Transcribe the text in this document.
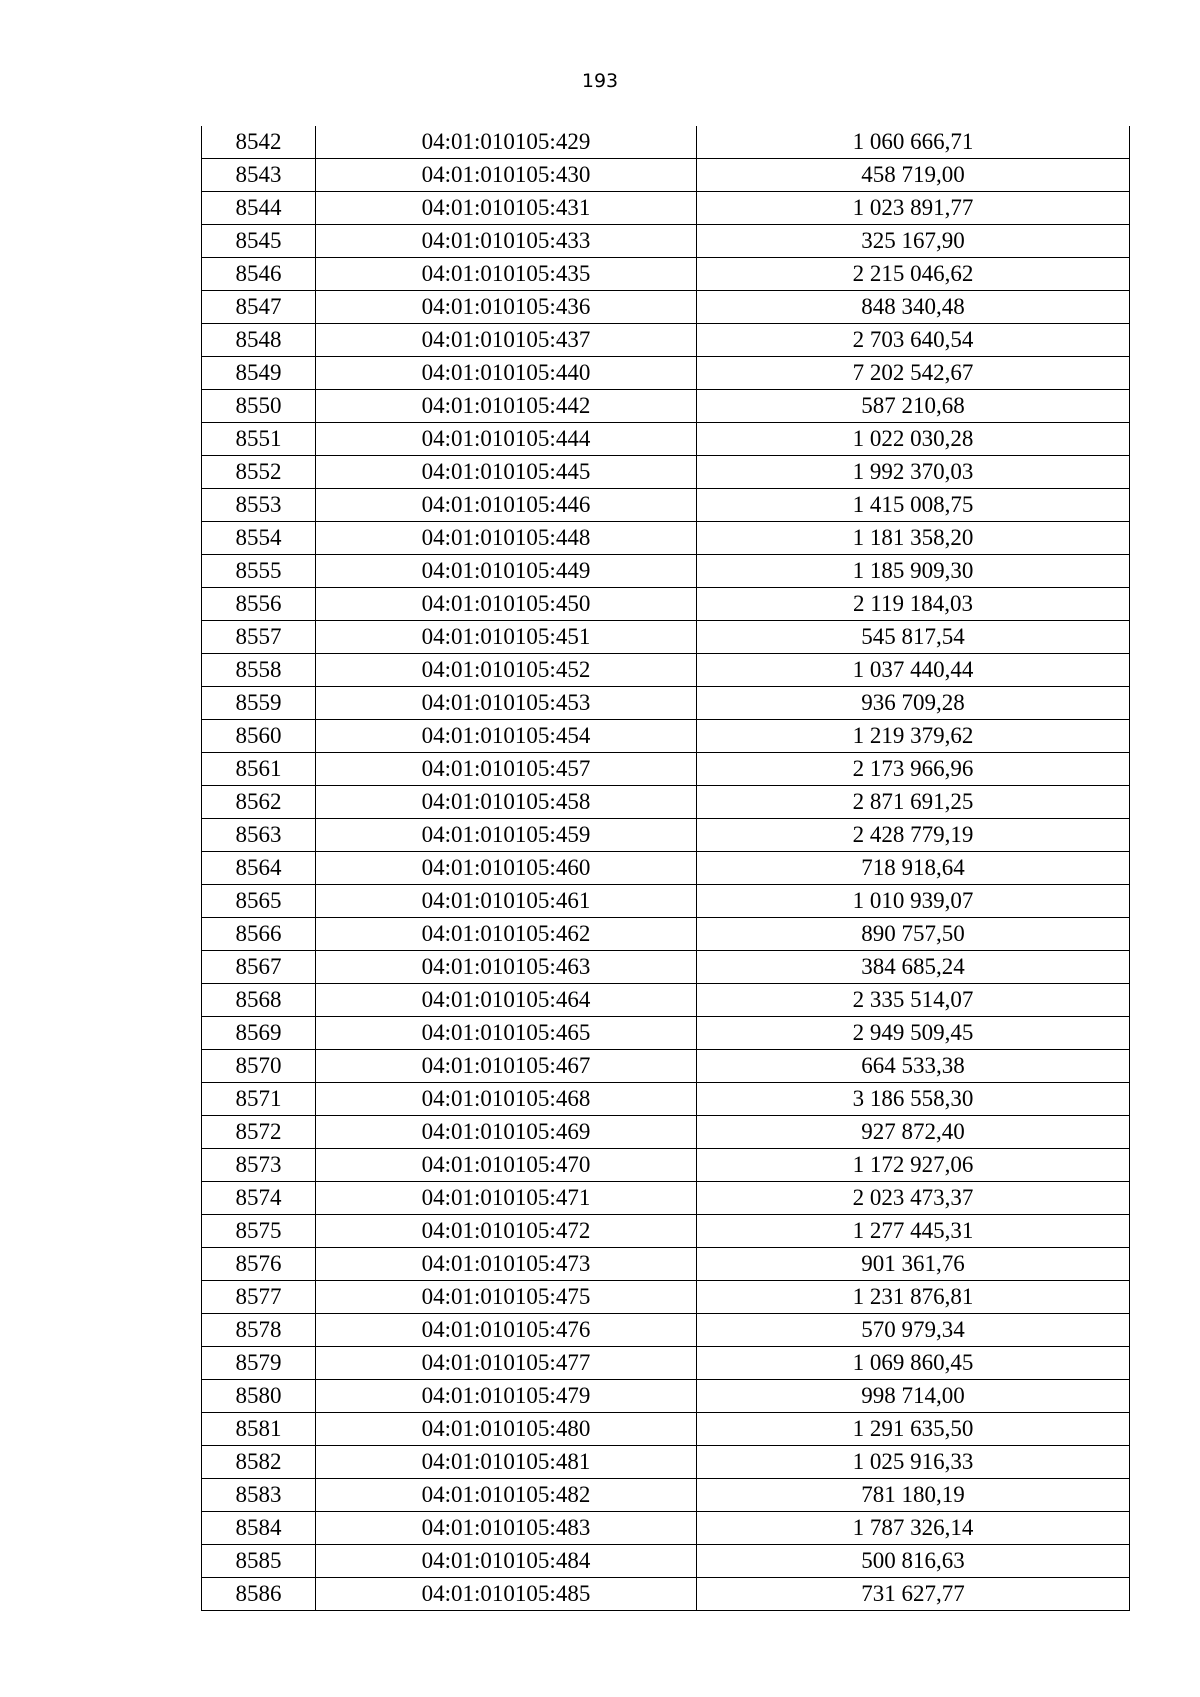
193
8542	04:01:010105:429	1 060 666,71
8543	04:01:010105:430	458 719,00
8544	04:01:010105:431	1 023 891,77
8545	04:01:010105:433	325 167,90
8546	04:01:010105:435	2 215 046,62
8547	04:01:010105:436	848 340,48
8548	04:01:010105:437	2 703 640,54
8549	04:01:010105:440	7 202 542,67
8550	04:01:010105:442	587 210,68
8551	04:01:010105:444	1 022 030,28
8552	04:01:010105:445	1 992 370,03
8553	04:01:010105:446	1 415 008,75
8554	04:01:010105:448	1 181 358,20
8555	04:01:010105:449	1 185 909,30
8556	04:01:010105:450	2 119 184,03
8557	04:01:010105:451	545 817,54
8558	04:01:010105:452	1 037 440,44
8559	04:01:010105:453	936 709,28
8560	04:01:010105:454	1 219 379,62
8561	04:01:010105:457	2 173 966,96
8562	04:01:010105:458	2 871 691,25
8563	04:01:010105:459	2 428 779,19
8564	04:01:010105:460	718 918,64
8565	04:01:010105:461	1 010 939,07
8566	04:01:010105:462	890 757,50
8567	04:01:010105:463	384 685,24
8568	04:01:010105:464	2 335 514,07
8569	04:01:010105:465	2 949 509,45
8570	04:01:010105:467	664 533,38
8571	04:01:010105:468	3 186 558,30
8572	04:01:010105:469	927 872,40
8573	04:01:010105:470	1 172 927,06
8574	04:01:010105:471	2 023 473,37
8575	04:01:010105:472	1 277 445,31
8576	04:01:010105:473	901 361,76
8577	04:01:010105:475	1 231 876,81
8578	04:01:010105:476	570 979,34
8579	04:01:010105:477	1 069 860,45
8580	04:01:010105:479	998 714,00
8581	04:01:010105:480	1 291 635,50
8582	04:01:010105:481	1 025 916,33
8583	04:01:010105:482	781 180,19
8584	04:01:010105:483	1 787 326,14
8585	04:01:010105:484	500 816,63
8586	04:01:010105:485	731 627,77
